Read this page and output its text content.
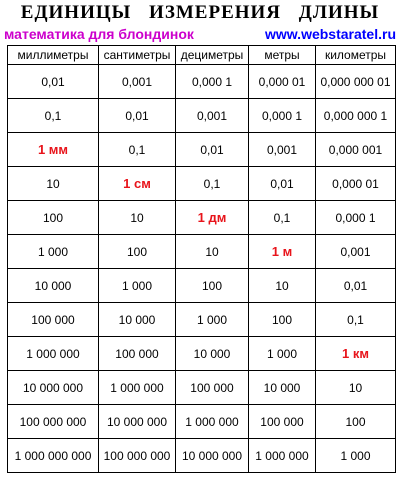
ЕДИНИЦЫ ИЗМЕРЕНИЯ ДЛИНЫ
математика для блондинок	www.webstaratel.ru
миллиметры	сантиметры	дециметры	метры	километры
0,01	0,001	0,000 1	0,000 01	0,000 000 01
0,1	0,01	0,001	0,000 1	0,000 000 1
1 мм	0,1	0,01	0,001	0,000 001
10	1 см	0,1	0,01	0,000 01
100	10	1 дм	0,1	0,000 1
1 000	100	10	1 м	0,001
10 000	1 000	100	10	0,01
100 000	10 000	1 000	100	0,1
1 000 000	100 000	10 000	1 000	1 км
10 000 000	1 000 000	100 000	10 000	10
100 000 000	10 000 000	1 000 000	100 000	100
1 000 000 000	100 000 000	10 000 000	1 000 000	1 000
